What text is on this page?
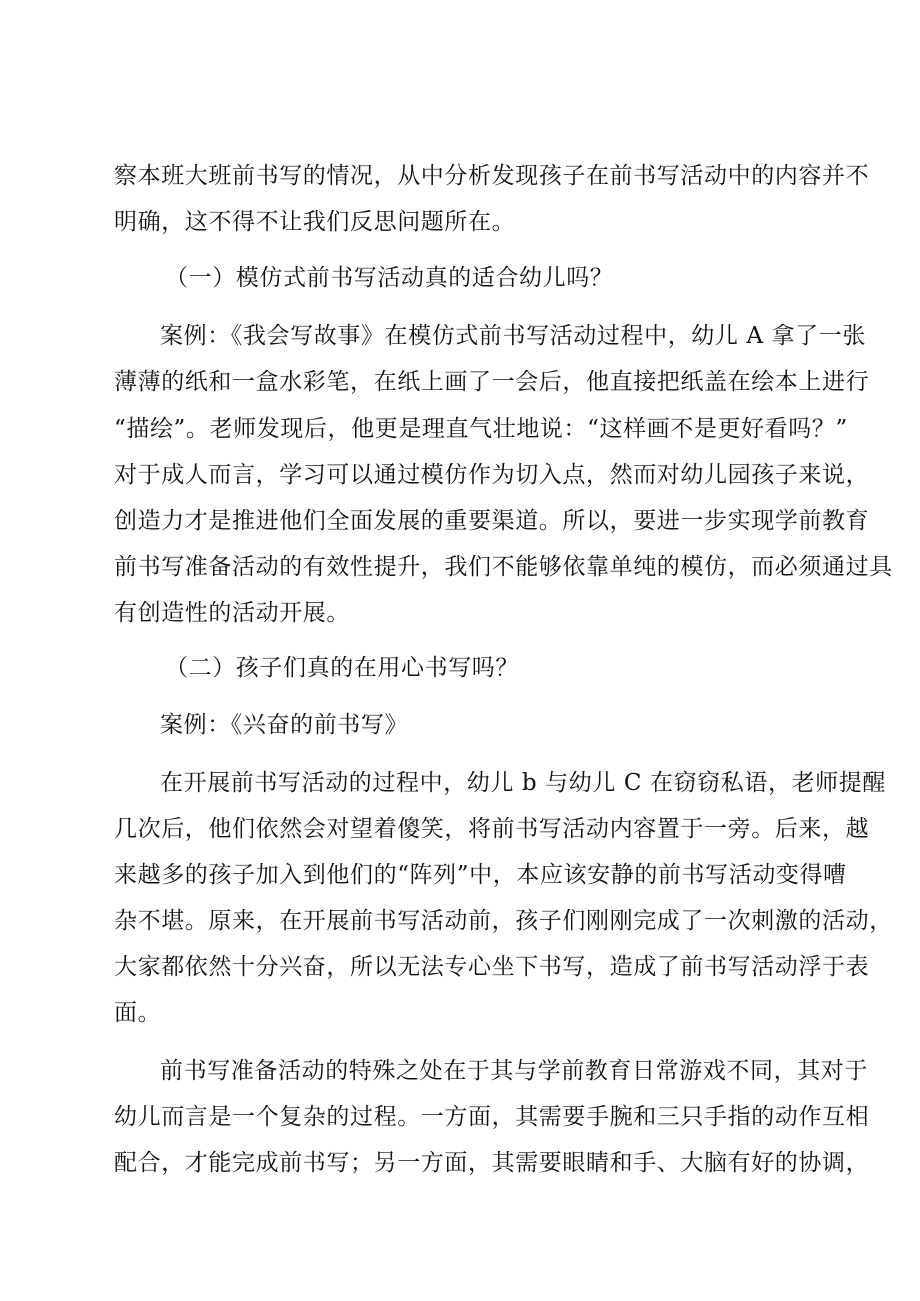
察本班大班前书写的情况，从中分析发现孩子在前书写活动中的内容并不
明确，这不得不让我们反思问题所在。
（一）模仿式前书写活动真的适合幼儿吗？
案例：《我会写故事》在模仿式前书写活动过程中，幼儿 A 拿了一张
薄薄的纸和一盒水彩笔，在纸上画了一会后，他直接把纸盖在绘本上进行
“描绘”。老师发现后，他更是理直气壮地说：“这样画不是更好看吗？”
对于成人而言，学习可以通过模仿作为切入点，然而对幼儿园孩子来说，
创造力才是推进他们全面发展的重要渠道。所以，要进一步实现学前教育
前书写准备活动的有效性提升，我们不能够依靠单纯的模仿，而必须通过具
有创造性的活动开展。
（二）孩子们真的在用心书写吗？
案例：《兴奋的前书写》
在开展前书写活动的过程中，幼儿 b 与幼儿 C 在窃窃私语，老师提醒
几次后，他们依然会对望着傻笑，将前书写活动内容置于一旁。后来，越
来越多的孩子加入到他们的“阵列”中，本应该安静的前书写活动变得嘈
杂不堪。原来，在开展前书写活动前，孩子们刚刚完成了一次刺激的活动，
大家都依然十分兴奋，所以无法专心坐下书写，造成了前书写活动浮于表
面。
前书写准备活动的特殊之处在于其与学前教育日常游戏不同，其对于
幼儿而言是一个复杂的过程。一方面，其需要手腕和三只手指的动作互相
配合，才能完成前书写；另一方面，其需要眼睛和手、大脑有好的协调，
